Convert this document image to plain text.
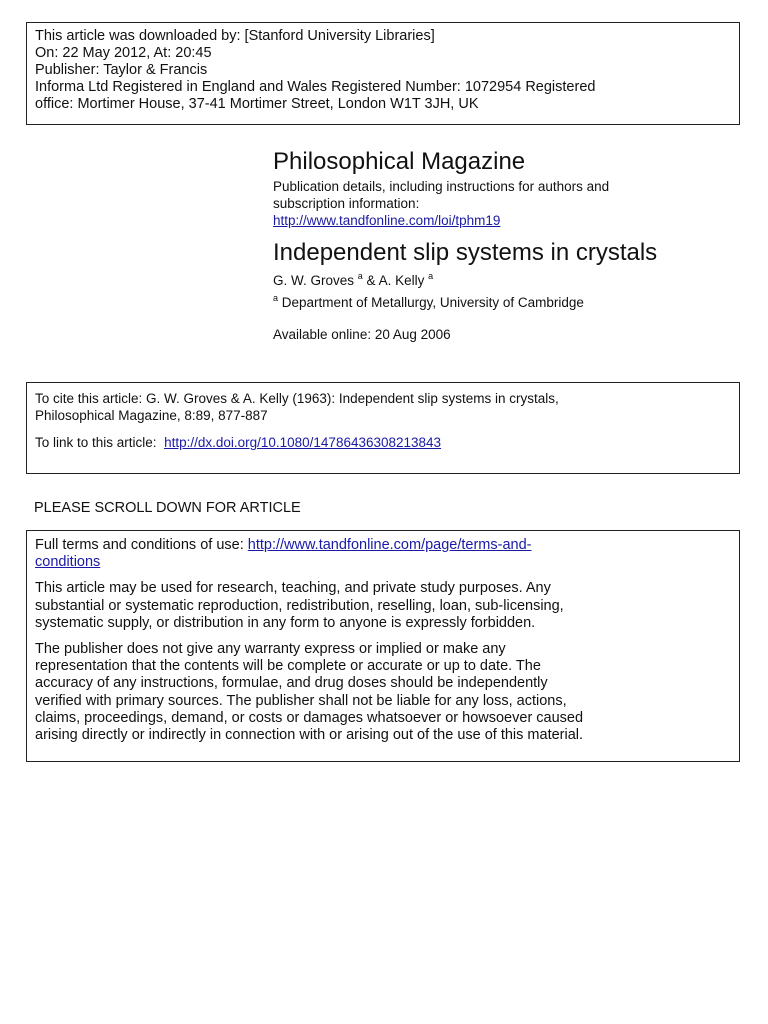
This article was downloaded by: [Stanford University Libraries]
On: 22 May 2012, At: 20:45
Publisher: Taylor & Francis
Informa Ltd Registered in England and Wales Registered Number: 1072954 Registered
office: Mortimer House, 37-41 Mortimer Street, London W1T 3JH, UK
Philosophical Magazine
Publication details, including instructions for authors and
subscription information:
http://www.tandfonline.com/loi/tphm19
Independent slip systems in crystals
G. W. Groves $^a$ & A. Kelly $^a$
$^a$ Department of Metallurgy, University of Cambridge
Available online: 20 Aug 2006
To cite this article: G. W. Groves & A. Kelly (1963): Independent slip systems in crystals,
Philosophical Magazine, 8:89, 877-887
To link to this article: http://dx.doi.org/10.1080/14786436308213843
PLEASE SCROLL DOWN FOR ARTICLE
Full terms and conditions of use: http://www.tandfonline.com/page/terms-and-
conditions
This article may be used for research, teaching, and private study purposes. Any
substantial or systematic reproduction, redistribution, reselling, loan, sub-licensing,
systematic supply, or distribution in any form to anyone is expressly forbidden.
The publisher does not give any warranty express or implied or make any
representation that the contents will be complete or accurate or up to date. The
accuracy of any instructions, formulae, and drug doses should be independently
verified with primary sources. The publisher shall not be liable for any loss, actions,
claims, proceedings, demand, or costs or damages whatsoever or howsoever caused
arising directly or indirectly in connection with or arising out of the use of this material.
